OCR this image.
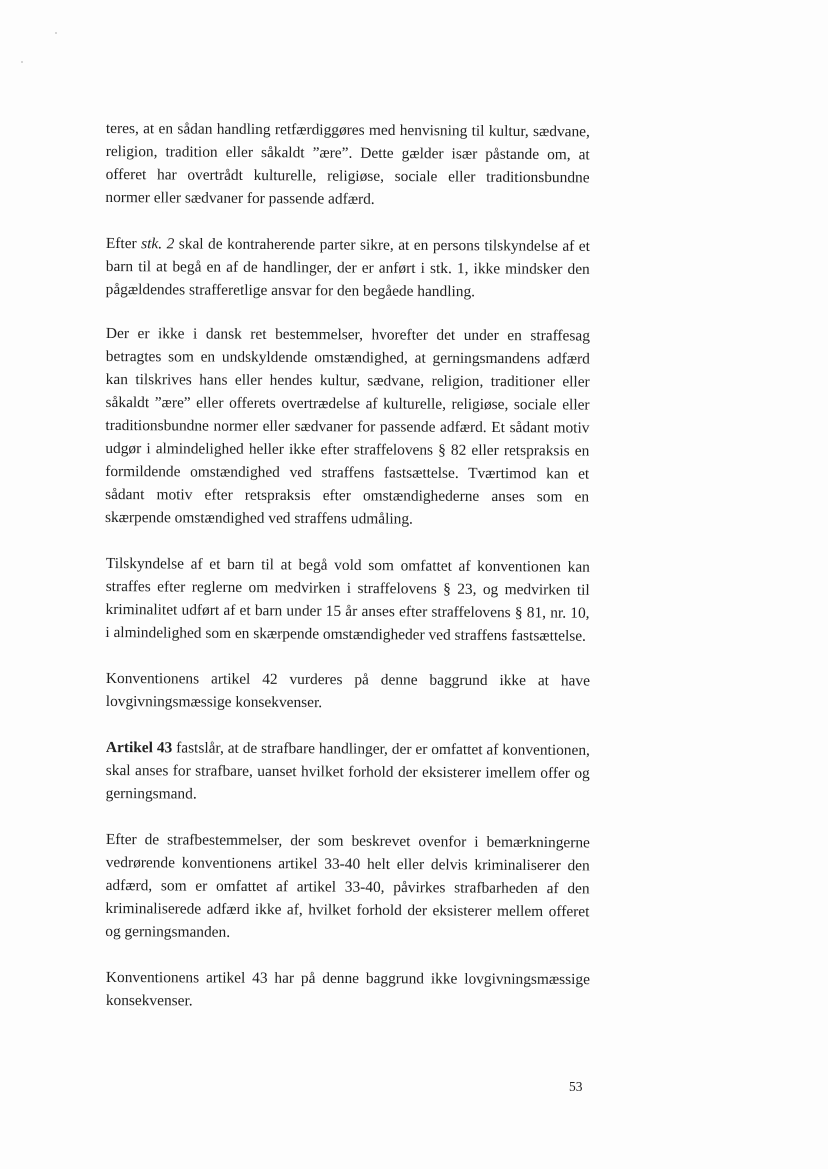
teres, at en sådan handling retfærdiggøres med henvisning til kultur, sædvane, religion, tradition eller såkaldt ”ære”. Dette gælder især påstande om, at offeret har overtrådt kulturelle, religiøse, sociale eller traditionsbundne normer eller sædvaner for passende adfærd.

Efter stk. 2 skal de kontraherende parter sikre, at en persons tilskyndelse af et barn til at begå en af de handlinger, der er anført i stk. 1, ikke mindsker den pågældendes strafferetlige ansvar for den begåede handling.

Der er ikke i dansk ret bestemmelser, hvorefter det under en straffesag betragtes som en undskyldende omstændighed, at gerningsmandens adfærd kan tilskrives hans eller hendes kultur, sædvane, religion, traditioner eller såkaldt ”ære” eller offerets overtrædelse af kulturelle, religiøse, sociale eller traditionsbundne normer eller sædvaner for passende adfærd. Et sådant motiv udgør i almindelighed heller ikke efter straffelovens § 82 eller retspraksis en formildende omstændighed ved straffens fastsættelse. Tværtimod kan et sådant motiv efter retspraksis efter omstændighederne anses som en skærpende omstændighed ved straffens udmåling.

Tilskyndelse af et barn til at begå vold som omfattet af konventionen kan straffes efter reglerne om medvirken i straffelovens § 23, og medvirken til kriminalitet udført af et barn under 15 år anses efter straffelovens § 81, nr. 10, i almindelighed som en skærpende omstændigheder ved straffens fastsættelse.

Konventionens artikel 42 vurderes på denne baggrund ikke at have lovgivningsmæssige konsekvenser.

Artikel 43 fastslår, at de strafbare handlinger, der er omfattet af konventionen, skal anses for strafbare, uanset hvilket forhold der eksisterer imellem offer og gerningsmand.

Efter de strafbestemmelser, der som beskrevet ovenfor i bemærkningerne vedrørende konventionens artikel 33-40 helt eller delvis kriminaliserer den adfærd, som er omfattet af artikel 33-40, påvirkes strafbarheden af den kriminaliserede adfærd ikke af, hvilket forhold der eksisterer mellem offeret og gerningsmanden.

Konventionens artikel 43 har på denne baggrund ikke lovgivningsmæssige konsekvenser.

53
